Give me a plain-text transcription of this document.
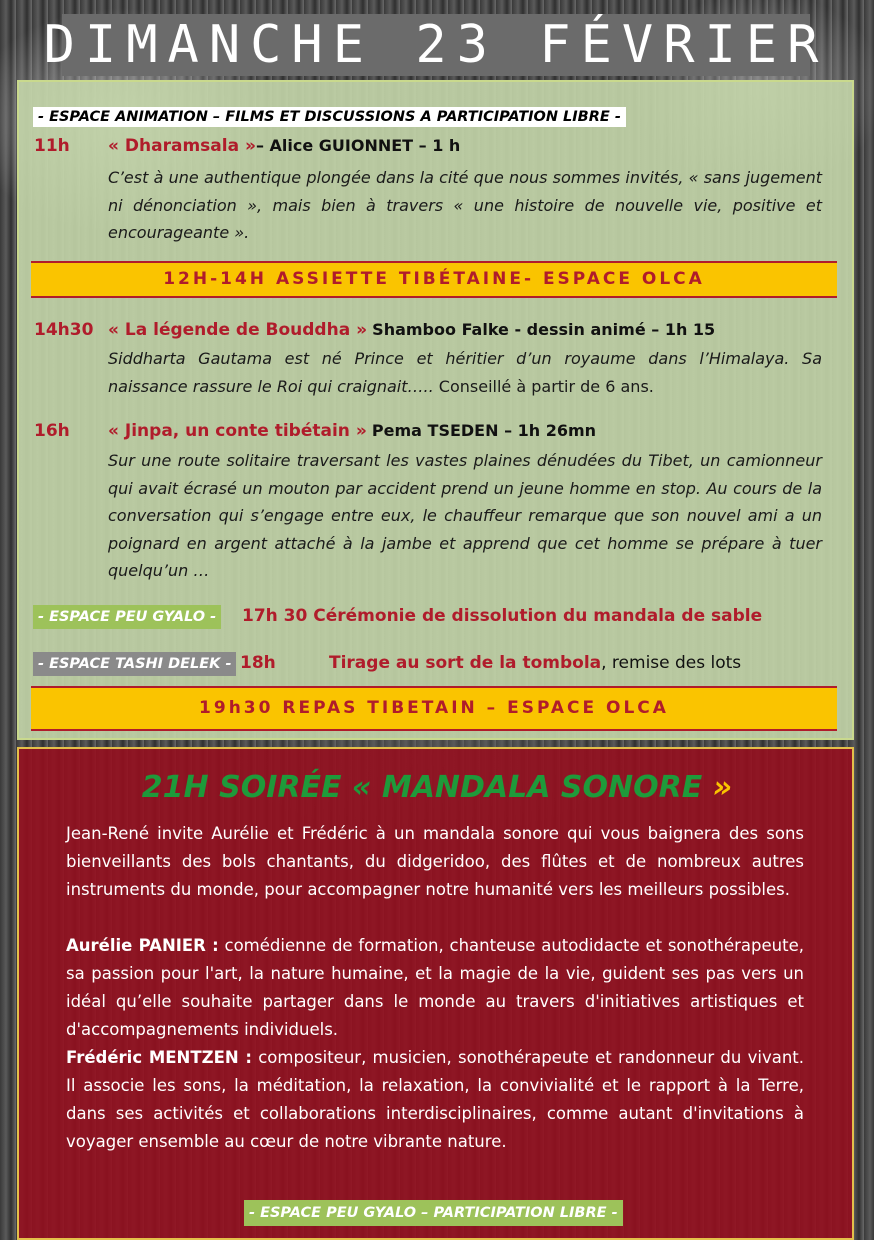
DIMANCHE 23 FÉVRIER
- ESPACE ANIMATION – FILMS ET DISCUSSIONS A PARTICIPATION LIBRE -
11h « Dharamsala »– Alice GUIONNET – 1 h

C’est à une authentique plongée dans la cité que nous sommes invités, « sans jugement ni dénonciation », mais bien à travers « une histoire de nouvelle vie, positive et encourageante ».

12H-14H ASSIETTE TIBÉTAINE- ESPACE OLCA
14h30 « La légende de Bouddha » Shamboo Falke - dessin animé – 1h 15

Siddharta Gautama est né Prince et héritier d’un royaume dans l’Himalaya. Sa naissance rassure le Roi qui craignait….. Conseillé à partir de 6 ans.

16h « Jinpa, un conte tibétain » Pema TSEDEN – 1h 26mn

Sur une route solitaire traversant les vastes plaines dénudées du Tibet, un camionneur qui avait écrasé un mouton par accident prend un jeune homme en stop. Au cours de la conversation qui s’engage entre eux, le chauffeur remarque que son nouvel ami a un poignard en argent attaché à la jambe et apprend que cet homme se prépare à tuer quelqu’un …

- ESPACE PEU GYALO - 17h 30 Cérémonie de dissolution du mandala de sable
- ESPACE TASHI DELEK - 18h	Tirage au sort de la tombola, remise des lots
19h30 REPAS TIBETAIN – ESPACE OLCA
21H SOIRÉE « MANDALA SONORE »

Jean-René invite Aurélie et Frédéric à un mandala sonore qui vous baignera des sons bienveillants des bols chantants, du didgeridoo, des flûtes et de nombreux autres instruments du monde, pour accompagner notre humanité vers les meilleurs possibles.

Aurélie PANIER : comédienne de formation, chanteuse autodidacte et sonothérapeute, sa passion pour l'art, la nature humaine, et la magie de la vie, guident ses pas vers un idéal qu’elle souhaite partager dans le monde au travers d'initiatives artistiques et d'accompagnements individuels.

Frédéric MENTZEN : compositeur, musicien, sonothérapeute et randonneur du vivant. Il associe les sons, la méditation, la relaxation, la convivialité et le rapport à la Terre, dans ses activités et collaborations interdisciplinaires, comme autant d'invitations à voyager ensemble au cœur de notre vibrante nature.

- ESPACE PEU GYALO – PARTICIPATION LIBRE -
